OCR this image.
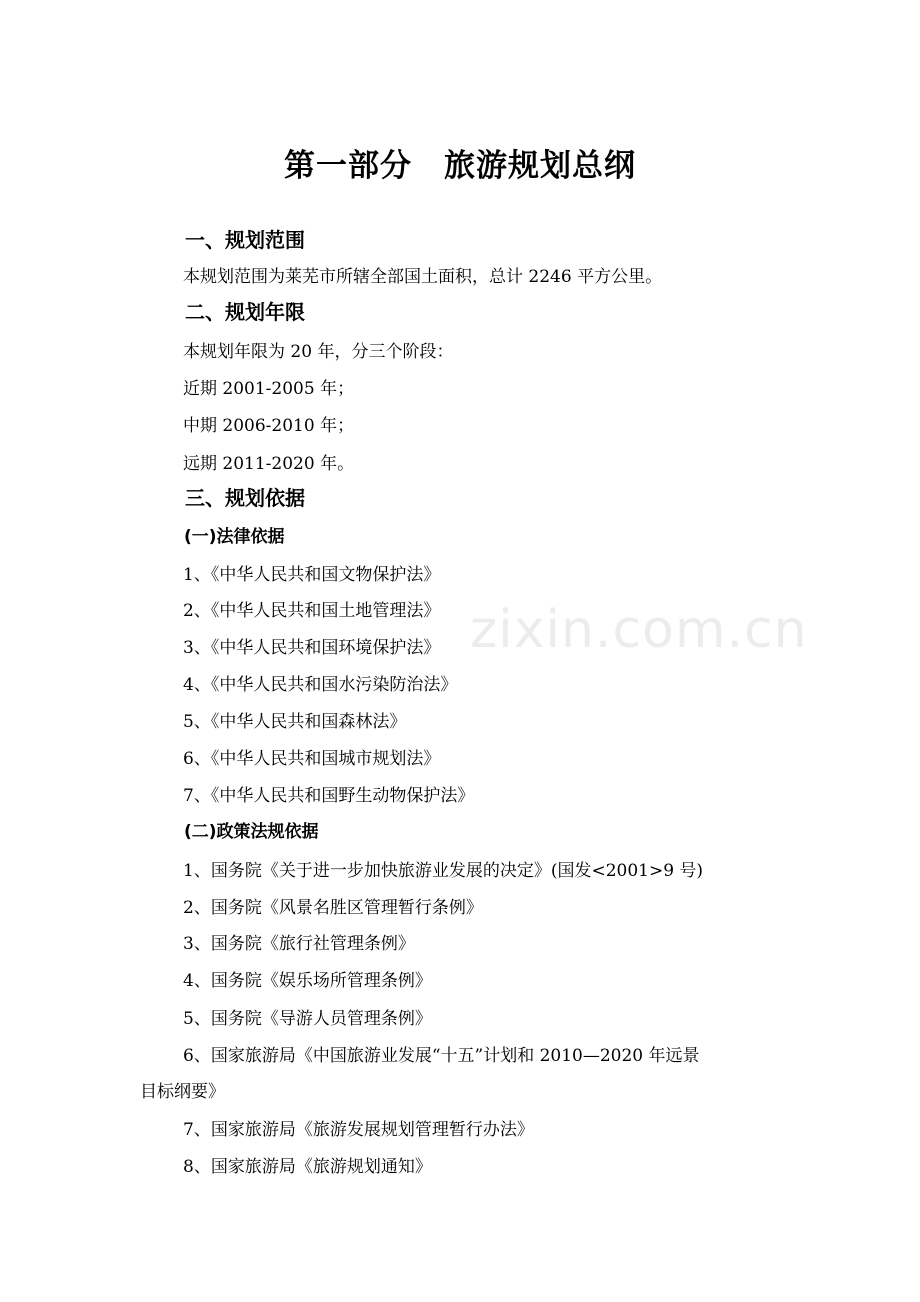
zixin.com.cn
第一部分　旅游规划总纲
一、规划范围
本规划范围为莱芜市所辖全部国土面积，总计 2246 平方公里。
二、规划年限
本规划年限为 20 年，分三个阶段：
近期 2001-2005 年；
中期 2006-2010 年；
远期 2011-2020 年。
三、规划依据
(一)法律依据
1、《中华人民共和国文物保护法》
2、《中华人民共和国土地管理法》
3、《中华人民共和国环境保护法》
4、《中华人民共和国水污染防治法》
5、《中华人民共和国森林法》
6、《中华人民共和国城市规划法》
7、《中华人民共和国野生动物保护法》
(二)政策法规依据
1、国务院《关于进一步加快旅游业发展的决定》(国发<2001>9 号)
2、国务院《风景名胜区管理暂行条例》
3、国务院《旅行社管理条例》
4、国务院《娱乐场所管理条例》
5、国务院《导游人员管理条例》
6、国家旅游局《中国旅游业发展“十五”计划和 2010—2020 年远景
目标纲要》
7、国家旅游局《旅游发展规划管理暂行办法》
8、国家旅游局《旅游规划通知》
